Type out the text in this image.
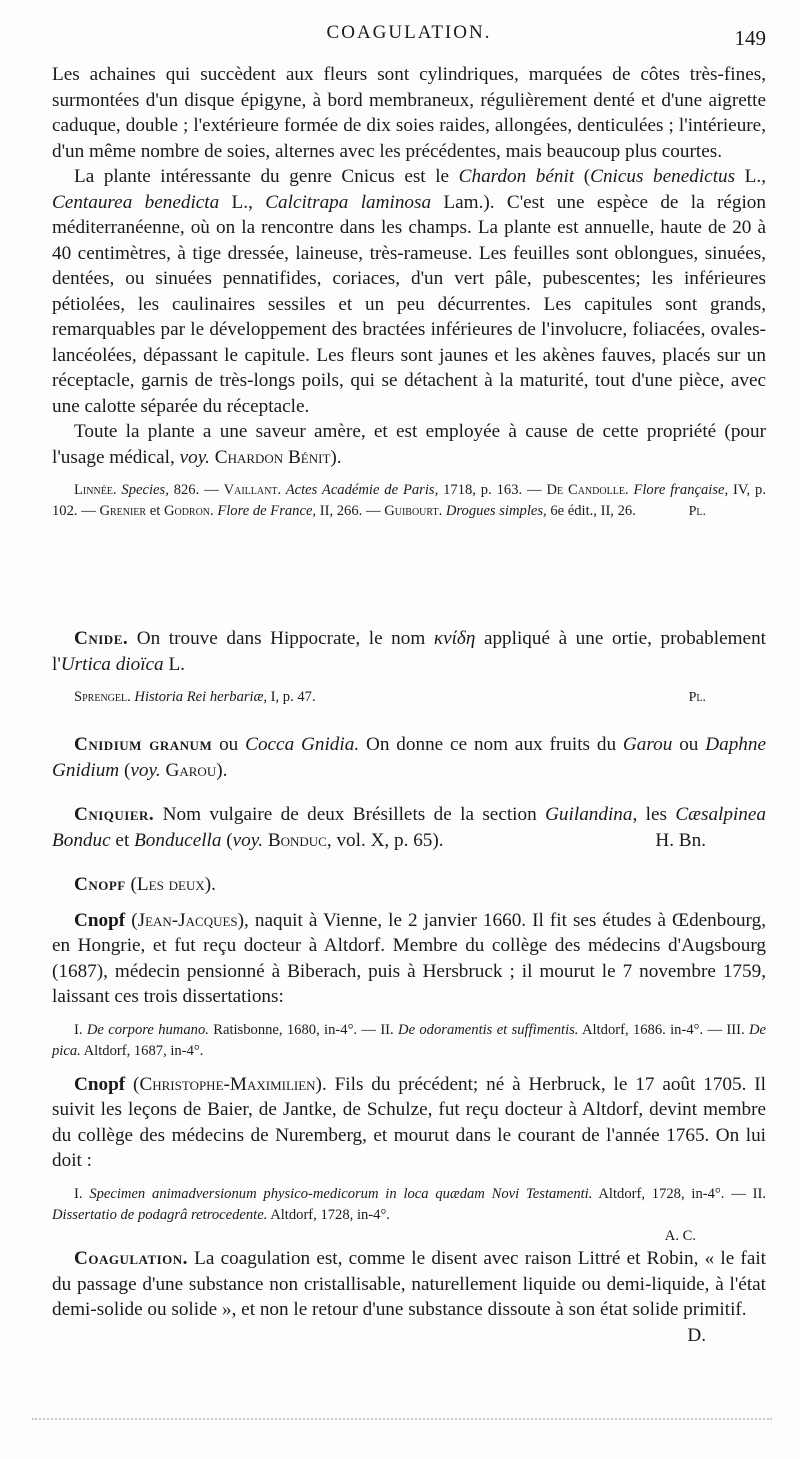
COAGULATION.	149

Les achaines qui succèdent aux fleurs sont cylindriques, marquées de côtes très-fines, surmontées d'un disque épigyne, à bord membraneux, régulièrement denté et d'une aigrette caduque, double ; l'extérieure formée de dix soies raides, allongées, denticulées ; l'intérieure, d'un même nombre de soies, alternes avec les précédentes, mais beaucoup plus courtes.

La plante intéressante du genre Cnicus est le Chardon bénit (Cnicus benedictus L., Centaurea benedicta L., Calcitrapa laminosa Lam.). C'est une espèce de la région méditerranéenne, où on la rencontre dans les champs. La plante est annuelle, haute de 20 à 40 centimètres, à tige dressée, laineuse, très-rameuse. Les feuilles sont oblongues, sinuées, dentées, ou sinuées pennatifides, coriaces, d'un vert pâle, pubescentes; les inférieures pétiolées, les caulinaires sessiles et un peu décurrentes. Les capitules sont grands, remarquables par le développement des bractées inférieures de l'involucre, foliacées, ovales-lancéolées, dépassant le capitule. Les fleurs sont jaunes et les akènes fauves, placés sur un réceptacle, garnis de très-longs poils, qui se détachent à la maturité, tout d'une pièce, avec une calotte séparée du réceptacle.

Toute la plante a une saveur amère, et est employée à cause de cette propriété (pour l'usage médical, voy. Chardon Bénit).

Linnée. Species, 826. — Vaillant. Actes Académie de Paris, 1718, p. 163. — De Candolle. Flore française, IV, p. 102. — Grenier et Godron. Flore de France, II, 266. — Guibourt. Drogues simples, 6e édit., II, 26.	Pl.

Cnide. On trouve dans Hippocrate, le nom κνίδη appliqué à une ortie, probablement l'Urtica dioïca L.

Sprengel. Historia Rei herbariæ, I, p. 47.	Pl.

Cnidium granum ou Cocca Gnidia. On donne ce nom aux fruits du Garou ou Daphne Gnidium (voy. Garou).

Cniquier. Nom vulgaire de deux Brésillets de la section Guilandina, les Cæsalpinea Bonduc et Bonducella (voy. Bonduc, vol. X, p. 65).	H. Bn.

Cnopf (Les deux).

Cnopf (Jean-Jacques), naquit à Vienne, le 2 janvier 1660. Il fit ses études à Œdenbourg, en Hongrie, et fut reçu docteur à Altdorf. Membre du collège des médecins d'Augsbourg (1687), médecin pensionné à Biberach, puis à Hersbruck ; il mourut le 7 novembre 1759, laissant ces trois dissertations:

I. De corpore humano. Ratisbonne, 1680, in-4°. — II. De odoramentis et suffimentis. Altdorf, 1686. in-4°. — III. De pica. Altdorf, 1687, in-4°.

Cnopf (Christophe-Maximilien). Fils du précédent; né à Herbruck, le 17 août 1705. Il suivit les leçons de Baier, de Jantke, de Schulze, fut reçu docteur à Altdorf, devint membre du collège des médecins de Nuremberg, et mourut dans le courant de l'année 1765. On lui doit :

I. Specimen animadversionum physico-medicorum in loca quædam Novi Testamenti. Altdorf, 1728, in-4°. — II. Dissertatio de podagrâ retrocedente. Altdorf, 1728, in-4°.

A. C.

Coagulation. La coagulation est, comme le disent avec raison Littré et Robin, « le fait du passage d'une substance non cristallisable, naturellement liquide ou demi-liquide, à l'état demi-solide ou solide », et non le retour d'une substance dissoute à son état solide primitif.
D.
